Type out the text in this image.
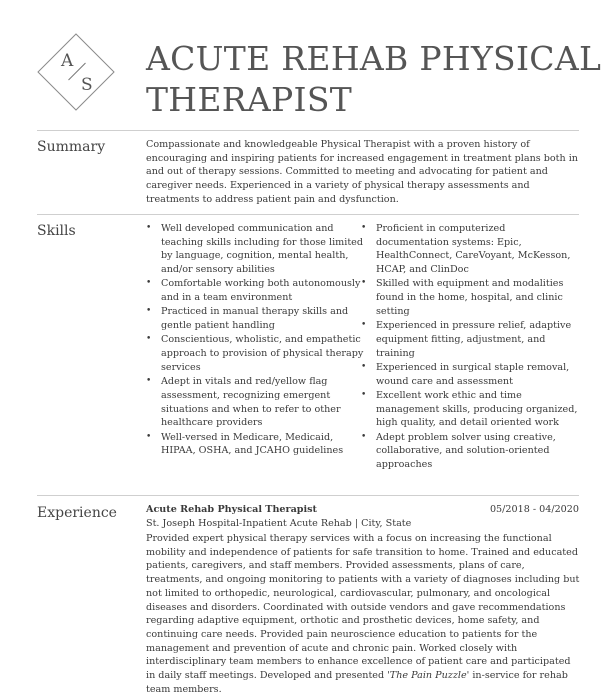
A
S
ACUTE REHAB PHYSICAL THERAPIST
Summary	Compassionate and knowledgeable Physical Therapist with a proven history of encouraging and inspiring patients for increased engagement in treatment plans both in and out of therapy sessions. Committed to meeting and advocating for patient and caregiver needs. Experienced in a variety of physical therapy assessments and treatments to address patient pain and dysfunction.

Skills
•	Well developed communication and teaching skills including for those limited by language, cognition, mental health, and/or sensory abilities
• Comfortable working both autonomously and in a team environment
• Practiced in manual therapy skills and gentle patient handling
• Conscientious, wholistic, and empathetic approach to provision of physical therapy services
• Adept in vitals and red/yellow flag assessment, recognizing emergent situations and when to refer to other healthcare providers
• Well-versed in Medicare, Medicaid, HIPAA, OSHA, and JCAHO guidelines
• Proficient in computerized documentation systems: Epic, HealthConnect, CareVoyant, McKesson, HCAP, and ClinDoc
• Skilled with equipment and modalities found in the home, hospital, and clinic setting
• Experienced in pressure relief, adaptive equipment fitting, adjustment, and training
• Experienced in surgical staple removal, wound care and assessment
• Excellent work ethic and time management skills, producing organized, high quality, and detail oriented work
• Adept problem solver using creative, collaborative, and solution-oriented approaches
Experience	Acute Rehab Physical Therapist	05/2018 - 04/2020
St. Joseph Hospital-Inpatient Acute Rehab | City, State

Provided expert physical therapy services with a focus on increasing the functional mobility and independence of patients for safe transition to home. Trained and educated patients, caregivers, and staff members. Provided assessments, plans of care, treatments, and ongoing monitoring to patients with a variety of diagnoses including but not limited to orthopedic, neurological, cardiovascular, pulmonary, and oncological diseases and disorders. Coordinated with outside vendors and gave recommendations regarding adaptive equipment, orthotic and prosthetic devices, home safety, and continuing care needs. Provided pain neuroscience education to patients for the management and prevention of acute and chronic pain. Worked closely with interdisciplinary team members to enhance excellence of patient care and participated in daily staff meetings. Developed and presented 'The Pain Puzzle' in-service for rehab team members.
